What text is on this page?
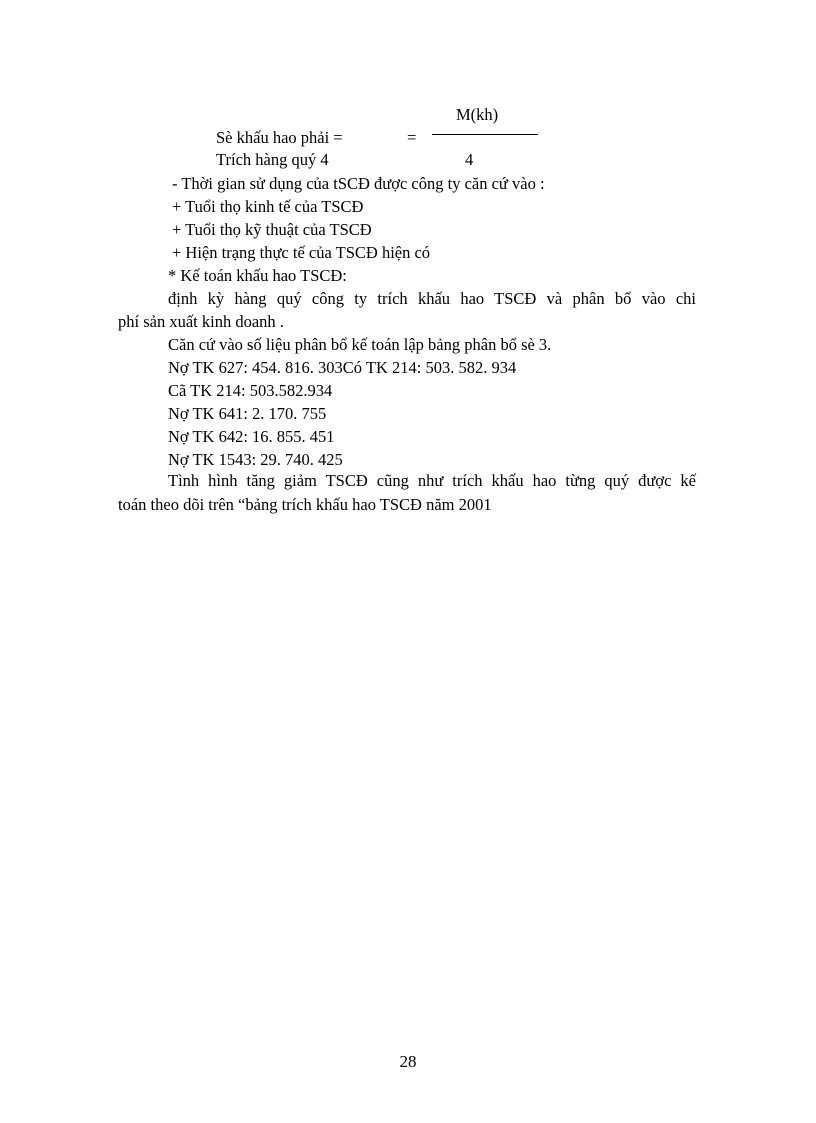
M(kh)
Sè khấu hao phải =	=
Trích hàng quý 4	4
- Thời gian sử dụng của tSCĐ được công ty căn cứ vào :
+ Tuổi thọ kinh tế của TSCĐ
+ Tuổi thọ kỹ thuật của TSCĐ
+ Hiện trạng thực tế của TSCĐ hiện có
* Kế toán khấu hao TSCĐ:
định kỳ hàng quý công ty trích khấu hao TSCĐ và phân bổ vào chi
phí sản xuất kinh doanh .
Căn cứ vào số liệu phân bổ kế toán lập bảng phân bổ sè 3.
Nợ TK 627: 454. 816. 303Có TK 214: 503. 582. 934
Cã TK 214: 503.582.934
Nợ TK 641: 2. 170. 755
Nợ TK 642: 16. 855. 451
Nợ TK 1543: 29. 740. 425
Tình hình tăng giảm TSCĐ cũng như trích khấu hao từng quý được kế
toán theo dõi trên “bảng trích khấu hao TSCĐ năm 2001
28
